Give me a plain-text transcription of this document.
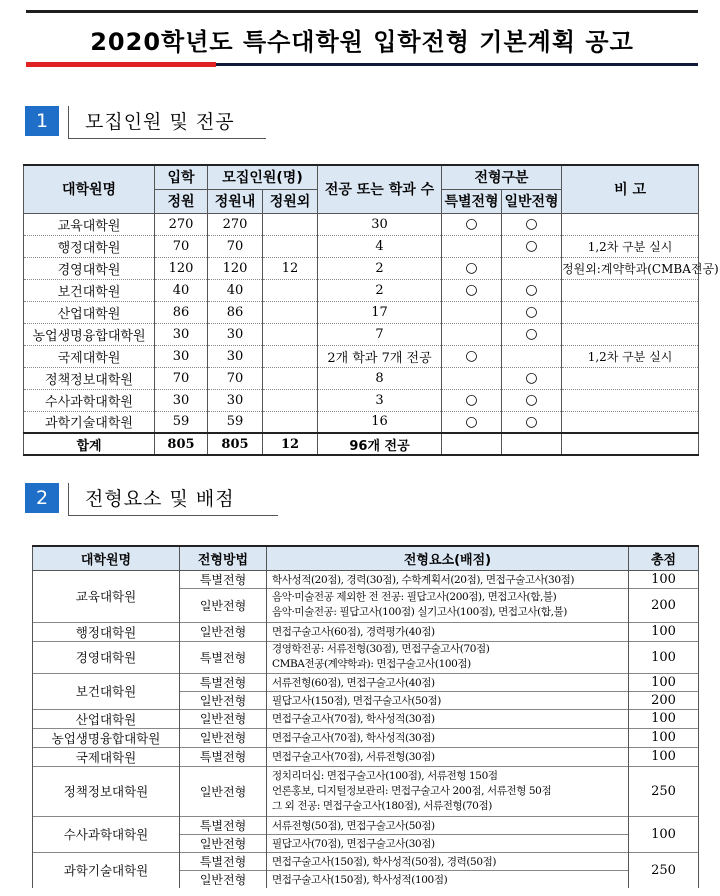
2020학년도 특수대학원 입학전형 기본계획 공고
1	모집인원 및 전공
대학원명	입학	모집인원(명)		전공 또는 학과 수	전형구분		비 고
	정원	정원내	정원외		특별전형	일반전형	
교육대학원	270	270		30	○	○	
행정대학원	70	70		4		○	1,2차 구분 실시
경영대학원	120	120	12	2	○		정원외:계약학과(CMBA전공)
보건대학원	40	40		2	○	○	
산업대학원	86	86		17		○	
농업생명융합대학원	30	30		7		○	
국제대학원	30	30		2개 학과 7개 전공	○		1,2차 구분 실시
정책정보대학원	70	70		8		○	
수사과학대학원	30	30		3	○	○	
과학기술대학원	59	59		16	○	○	
합계	805	805	12	96개 전공			
2	전형요소 및 배점
대학원명	전형방법	전형요소(배점)	총점
교육대학원	특별전형	학사성적(20점), 경력(30점), 수학계획서(20점), 면접구술고사(30점)	100
	일반전형	음악·미술전공 제외한 전 전공: 필답고사(200점), 면접고사(합,불)
음악·미술전공: 필답고사(100점) 실기고사(100점), 면접고사(합,불)	200
행정대학원	일반전형	면접구술고사(60점), 경력평가(40점)	100
경영대학원	특별전형	경영학전공: 서류전형(30점), 면접구술고사(70점)
CMBA전공(계약학과): 면접구술고사(100점)	100
보건대학원	특별전형	서류전형(60점), 면접구술고사(40점)	100
	일반전형	필답고사(150점), 면접구술고사(50점)	200
산업대학원	일반전형	면접구술고사(70점), 학사성적(30점)	100
농업생명융합대학원	일반전형	면접구술고사(70점), 학사성적(30점)	100
국제대학원	특별전형	면접구술고사(70점), 서류전형(30점)	100
정책정보대학원	일반전형	정치리더십: 면접구술고사(100점), 서류전형 150점
언론홍보, 디지털정보관리: 면접구술고사 200점, 서류전형 50점
그 외 전공: 면접구술고사(180점), 서류전형(70점)	250
수사과학대학원	특별전형	서류전형(50점), 면접구술고사(50점)	100
	일반전형	필답고사(70점), 면접구술고사(30점)	
과학기술대학원	특별전형	면접구술고사(150점), 학사성적(50점), 경력(50점)	250
	일반전형	면접구술고사(150점), 학사성적(100점)	
